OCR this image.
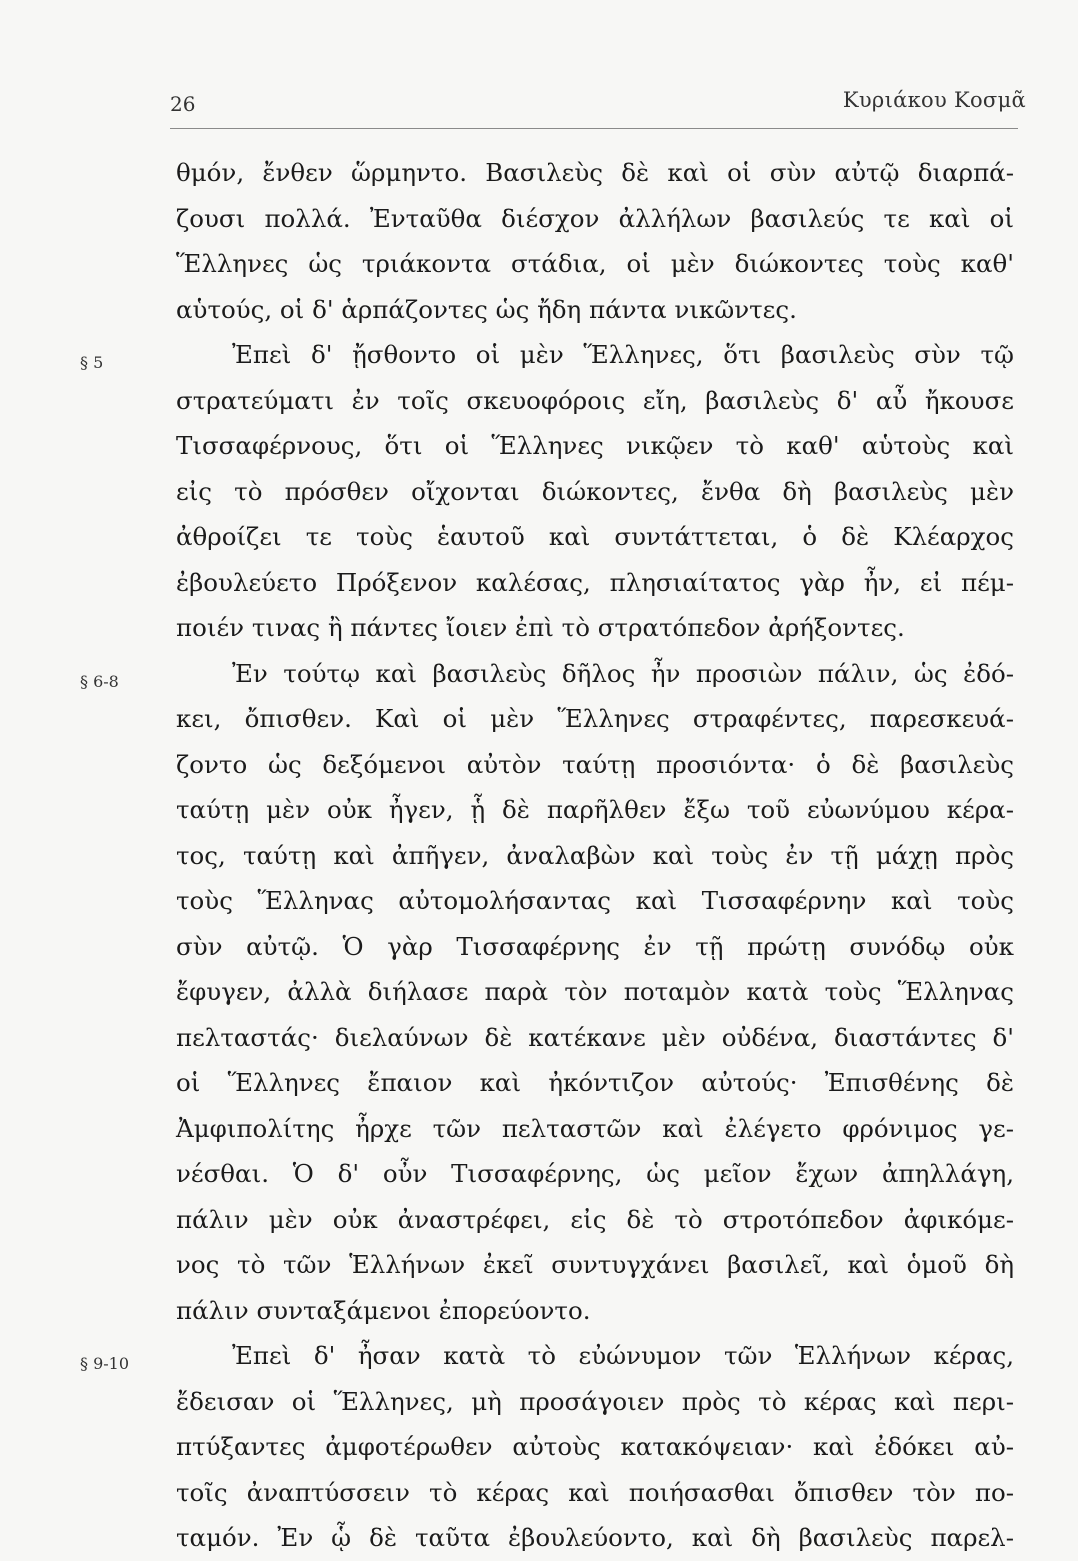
26	Κυριάκου Κοσμᾶ
θμόν, ἔνθεν ὥρμηντο. Βασιλεὺς δὲ καὶ οἱ σὺν αὐτῷ διαρπά-
ζουσι πολλά. Ἐνταῦθα διέσχον ἀλλήλων βασιλεύς τε καὶ οἱ
Ἕλληνες ὡς τριάκοντα στάδια, οἱ μὲν διώκοντες τοὺς καθ'
αὑτούς, οἱ δ' ἁρπάζοντες ὡς ἤδη πάντα νικῶντες.
Ἐπεὶ δ' ᾔσθοντο οἱ μὲν Ἕλληνες, ὅτι βασιλεὺς σὺν τῷ
§ 5
στρατεύματι ἐν τοῖς σκευοφόροις εἴη, βασιλεὺς δ' αὖ ἤκουσε
Τισσαφέρνους, ὅτι οἱ Ἕλληνες νικῷεν τὸ καθ' αὑτοὺς καὶ
εἰς τὸ πρόσθεν οἴχονται διώκοντες, ἔνθα δὴ βασιλεὺς μὲν
ἀθροίζει τε τοὺς ἑαυτοῦ καὶ συντάττεται, ὁ δὲ Κλέαρχος
ἐβουλεύετο Πρόξενον καλέσας, πλησιαίτατος γὰρ ἦν, εἰ πέμ-
ποιέν τινας ἢ πάντες ἴοιεν ἐπὶ τὸ στρατόπεδον ἀρήξοντες.
Ἐν τούτῳ καὶ βασιλεὺς δῆλος ἦν προσιὼν πάλιν, ὡς ἐδό-
§ 6-8
κει, ὄπισθεν. Καὶ οἱ μὲν Ἕλληνες στραφέντες, παρεσκευά-
ζοντο ὡς δεξόμενοι αὐτὸν ταύτῃ προσιόντα· ὁ δὲ βασιλεὺς
ταύτῃ μὲν οὐκ ἦγεν, ᾗ δὲ παρῆλθεν ἔξω τοῦ εὐωνύμου κέρα-
τος, ταύτῃ καὶ ἀπῆγεν, ἀναλαβὼν καὶ τοὺς ἐν τῇ μάχῃ πρὸς
τοὺς Ἕλληνας αὐτομολήσαντας καὶ Τισσαφέρνην καὶ τοὺς
σὺν αὐτῷ. Ὁ γὰρ Τισσαφέρνης ἐν τῇ πρώτῃ συνόδῳ οὐκ
ἔφυγεν, ἀλλὰ διήλασε παρὰ τὸν ποταμὸν κατὰ τοὺς Ἕλληνας
πελταστάς· διελαύνων δὲ κατέκανε μὲν οὐδένα, διαστάντες δ'
οἱ Ἕλληνες ἔπαιον καὶ ἠκόντιζον αὐτούς· Ἐπισθένης δὲ
Ἀμφιπολίτης ἦρχε τῶν πελταστῶν καὶ ἐλέγετο φρόνιμος γε-
νέσθαι. Ὁ δ' οὖν Τισσαφέρνης, ὡς μεῖον ἔχων ἀπηλλάγη,
πάλιν μὲν οὐκ ἀναστρέφει, εἰς δὲ τὸ στροτόπεδον ἀφικόμε-
νος τὸ τῶν Ἑλλήνων ἐκεῖ συντυγχάνει βασιλεῖ, καὶ ὁμοῦ δὴ
πάλιν συνταξάμενοι ἐπορεύοντο.
Ἐπεὶ δ' ἦσαν κατὰ τὸ εὐώνυμον τῶν Ἑλλήνων κέρας,
§ 9-10
ἔδεισαν οἱ Ἕλληνες, μὴ προσάγοιεν πρὸς τὸ κέρας καὶ περι-
πτύξαντες ἀμφοτέρωθεν αὐτοὺς κατακόψειαν· καὶ ἐδόκει αὐ-
τοῖς ἀναπτύσσειν τὸ κέρας καὶ ποιήσασθαι ὄπισθεν τὸν πο-
ταμόν. Ἐν ᾧ δὲ ταῦτα ἐβουλεύοντο, καὶ δὴ βασιλεὺς παρελ-
